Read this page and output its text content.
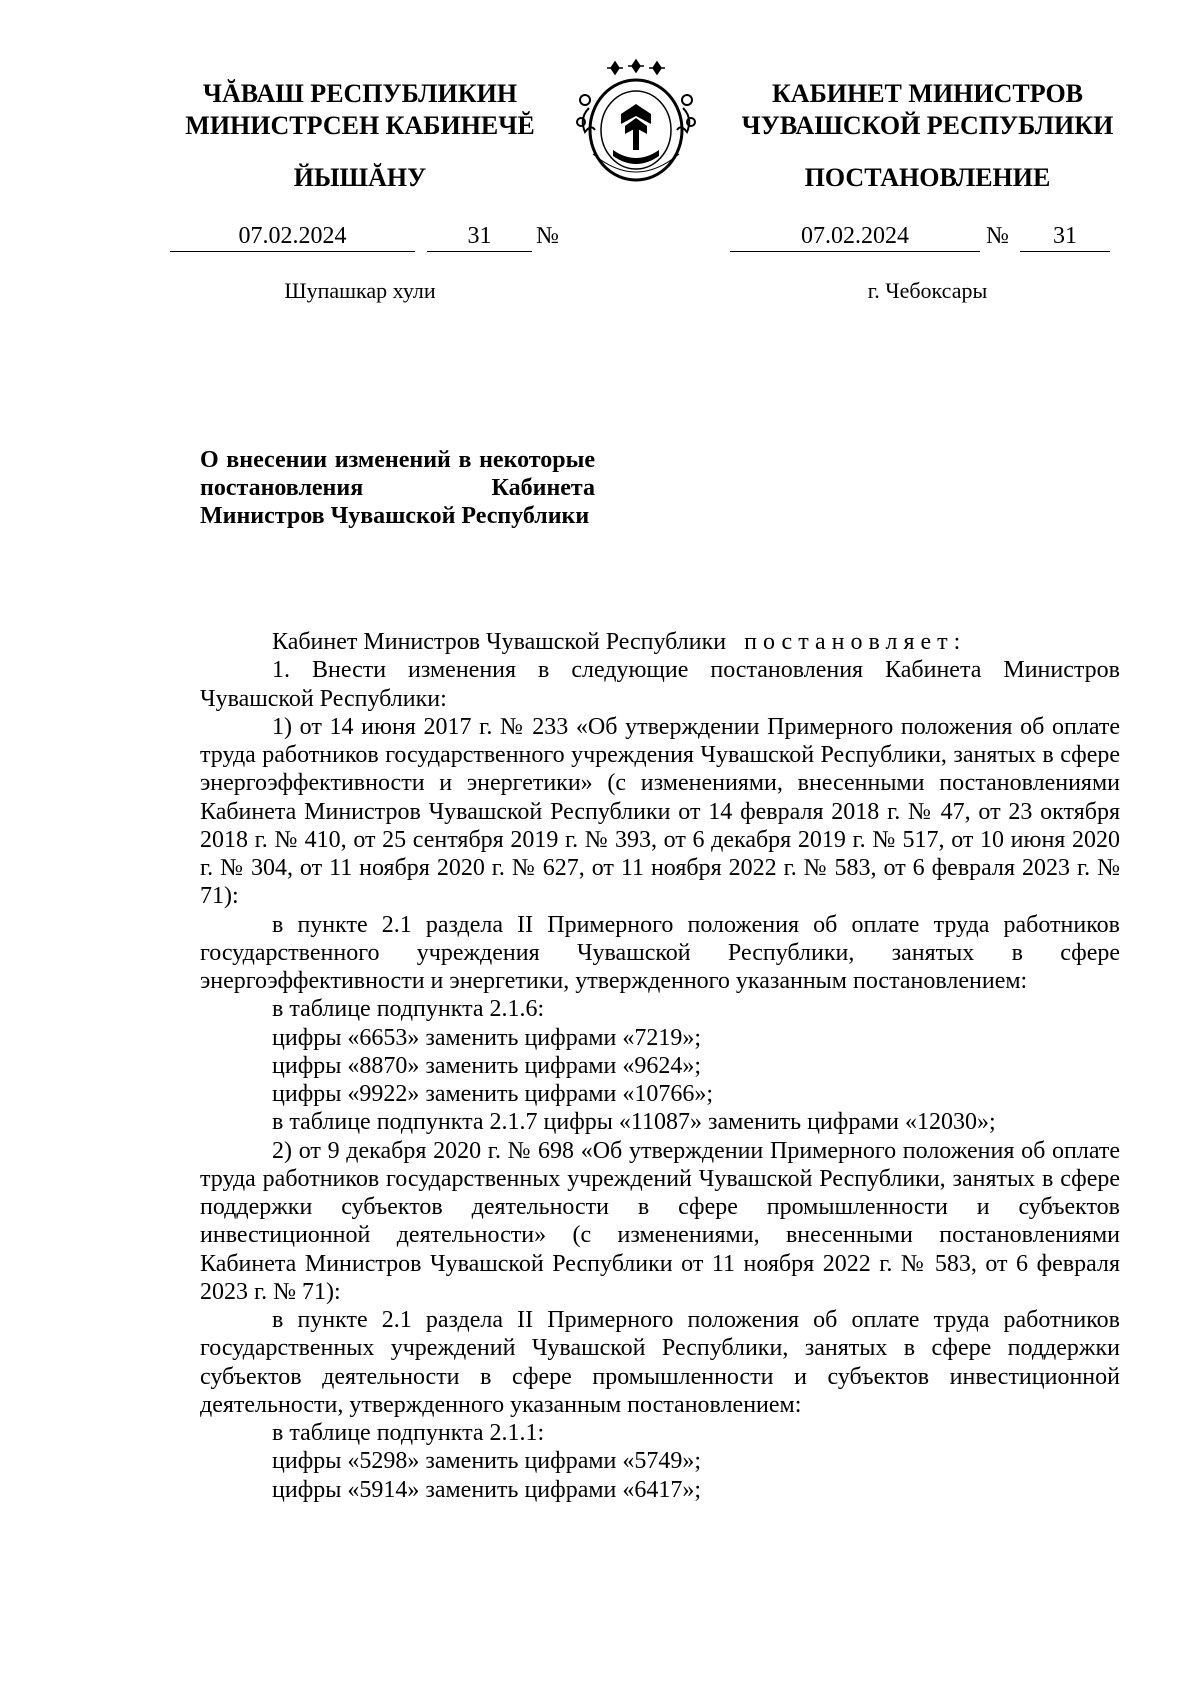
ЧĂВАШ РЕСПУБЛИКИН
МИНИСТРСЕН КАБИНЕЧĔ
ЙЫШĂНУ
КАБИНЕТ МИНИСТРОВ
ЧУВАШСКОЙ РЕСПУБЛИКИ
ПОСТАНОВЛЕНИЕ
07.02.2024	31	№	07.02.2024	№	31
Шупашкар хули	г. Чебоксары
О внесении изменений в некоторые постановления Кабинета Министров Чувашской Республики

Кабинет Министров Чувашской Республики постановляет:

1. Внести изменения в следующие постановления Кабинета Министров Чувашской Республики:

1) от 14 июня 2017 г. № 233 «Об утверждении Примерного положения об оплате труда работников государственного учреждения Чувашской Республики, занятых в сфере энергоэффективности и энергетики» (с изменениями, внесенными постановлениями Кабинета Министров Чувашской Республики от 14 февраля 2018 г. № 47, от 23 октября 2018 г. № 410, от 25 сентября 2019 г. № 393, от 6 декабря 2019 г. № 517, от 10 июня 2020 г. № 304, от 11 ноября 2020 г. № 627, от 11 ноября 2022 г. № 583, от 6 февраля 2023 г. № 71):

в пункте 2.1 раздела II Примерного положения об оплате труда работников государственного учреждения Чувашской Республики, занятых в сфере энергоэффективности и энергетики, утвержденного указанным постановлением:

в таблице подпункта 2.1.6:

цифры «6653» заменить цифрами «7219»;

цифры «8870» заменить цифрами «9624»;

цифры «9922» заменить цифрами «10766»;

в таблице подпункта 2.1.7 цифры «11087» заменить цифрами «12030»;

2) от 9 декабря 2020 г. № 698 «Об утверждении Примерного положения об оплате труда работников государственных учреждений Чувашской Республики, занятых в сфере поддержки субъектов деятельности в сфере промышленности и субъектов инвестиционной деятельности» (с изменениями, внесенными постановлениями Кабинета Министров Чувашской Республики от 11 ноября 2022 г. № 583, от 6 февраля 2023 г. № 71):

в пункте 2.1 раздела II Примерного положения об оплате труда работников государственных учреждений Чувашской Республики, занятых в сфере поддержки субъектов деятельности в сфере промышленности и субъектов инвестиционной деятельности, утвержденного указанным постановлением:

в таблице подпункта 2.1.1:

цифры «5298» заменить цифрами «5749»;

цифры «5914» заменить цифрами «6417»;
